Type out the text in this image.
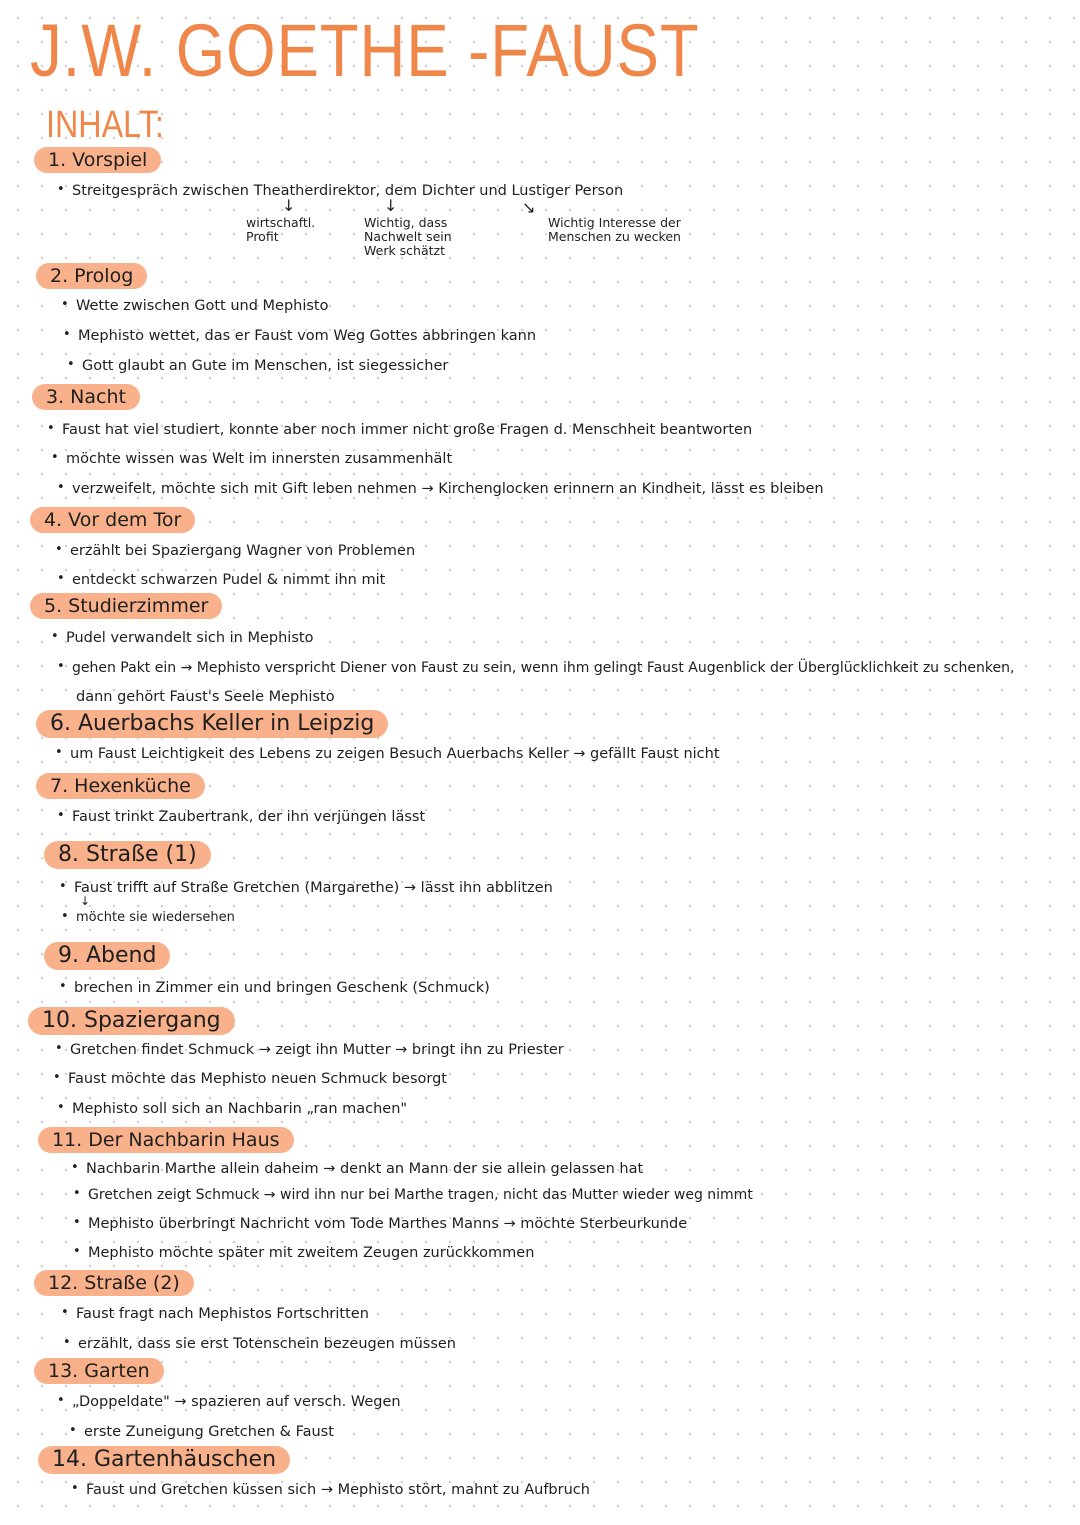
J.W. GOETHE -FAUST
INHALT:
1. Vorspiel
• Streitgespräch zwischen Theatherdirektor, dem Dichter und Lustiger Person
↓	↓	↘
wirtschaftl. Profit
Wichtig, dass Nachwelt sein Werk schätzt
Wichtig Interesse der Menschen zu wecken
2. Prolog
• Wette zwischen Gott und Mephisto
• Mephisto wettet, das er Faust vom Weg Gottes abbringen kann
• Gott glaubt an Gute im Menschen, ist siegessicher
3. Nacht
• Faust hat viel studiert, konnte aber noch immer nicht große Fragen d. Menschheit beantworten
• möchte wissen was Welt im innersten zusammenhält
• verzweifelt, möchte sich mit Gift leben nehmen → Kirchenglocken erinnern an Kindheit, lässt es bleiben
4. Vor dem Tor
• erzählt bei Spaziergang Wagner von Problemen
• entdeckt schwarzen Pudel & nimmt ihn mit
5. Studierzimmer
• Pudel verwandelt sich in Mephisto
• gehen Pakt ein → Mephisto verspricht Diener von Faust zu sein, wenn ihm gelingt Faust Augenblick der Überglücklichkeit zu schenken,
dann gehört Faust's Seele Mephisto
6. Auerbachs Keller in Leipzig
• um Faust Leichtigkeit des Lebens zu zeigen Besuch Auerbachs Keller → gefällt Faust nicht
7. Hexenküche
• Faust trinkt Zaubertrank, der ihn verjüngen lässt
8. Straße (1)
• Faust trifft auf Straße Gretchen (Margarethe) → lässt ihn abblitzen
↓
• möchte sie wiedersehen
9. Abend
• brechen in Zimmer ein und bringen Geschenk (Schmuck)
10. Spaziergang
• Gretchen findet Schmuck → zeigt ihn Mutter → bringt ihn zu Priester
• Faust möchte das Mephisto neuen Schmuck besorgt
• Mephisto soll sich an Nachbarin „ran machen"
11. Der Nachbarin Haus
• Nachbarin Marthe allein daheim → denkt an Mann der sie allein gelassen hat
• Gretchen zeigt Schmuck → wird ihn nur bei Marthe tragen, nicht das Mutter wieder weg nimmt
• Mephisto überbringt Nachricht vom Tode Marthes Manns → möchte Sterbeurkunde
• Mephisto möchte später mit zweitem Zeugen zurückkommen
12. Straße (2)
• Faust fragt nach Mephistos Fortschritten
• erzählt, dass sie erst Totenschein bezeugen müssen
13. Garten
• „Doppeldate" → spazieren auf versch. Wegen
• erste Zuneigung Gretchen & Faust
14. Gartenhäuschen
• Faust und Gretchen küssen sich → Mephisto stört, mahnt zu Aufbruch
